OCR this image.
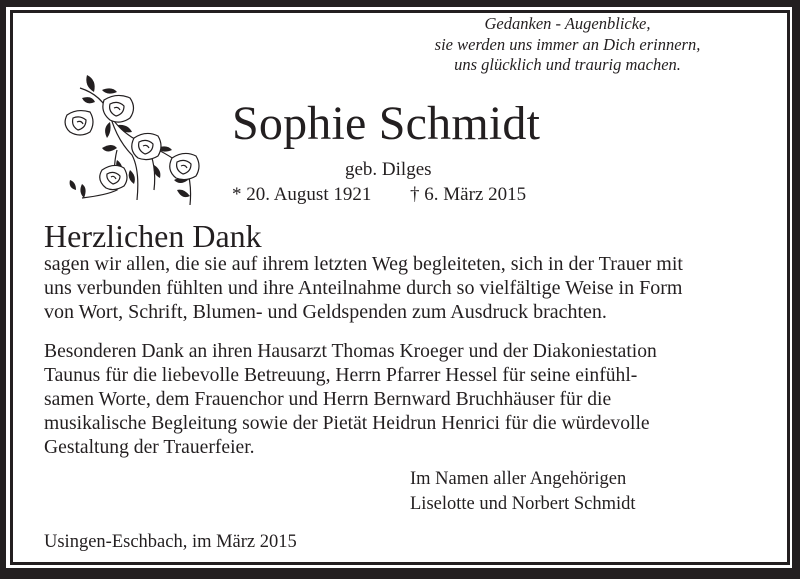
Gedanken - Augenblicke,
sie werden uns immer an Dich erinnern,
uns glücklich und traurig machen.
Sophie Schmidt
geb. Dilges
* 20. August 1921 † 6. März 2015
Herzlichen Dank
sagen wir allen, die sie auf ihrem letzten Weg begleiteten, sich in der Trauer mit
uns verbunden fühlten und ihre Anteilnahme durch so vielfältige Weise in Form
von Wort, Schrift, Blumen- und Geldspenden zum Ausdruck brachten.
Besonderen Dank an ihren Hausarzt Thomas Kroeger und der Diakoniestation
Taunus für die liebevolle Betreuung, Herrn Pfarrer Hessel für seine einfühl-
samen Worte, dem Frauenchor und Herrn Bernward Bruchhäuser für die
musikalische Begleitung sowie der Pietät Heidrun Henrici für die würdevolle
Gestaltung der Trauerfeier.
Im Namen aller Angehörigen
Liselotte und Norbert Schmidt
Usingen-Eschbach, im März 2015
